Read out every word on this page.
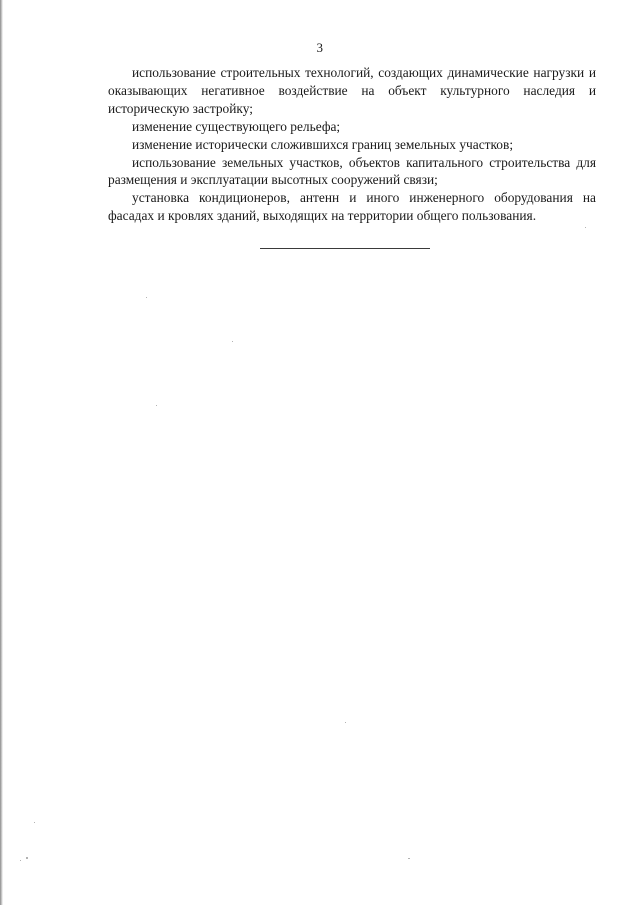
3

использование строительных технологий, создающих динамические нагрузки и оказывающих негативное воздействие на объект культурного наследия и историческую застройку;

изменение существующего рельефа;

изменение исторически сложившихся границ земельных участков;

использование земельных участков, объектов капитального строительства для размещения и эксплуатации высотных сооружений связи;

установка кондиционеров, антенн и иного инженерного оборудования на фасадах и кровлях зданий, выходящих на территории общего пользования.
